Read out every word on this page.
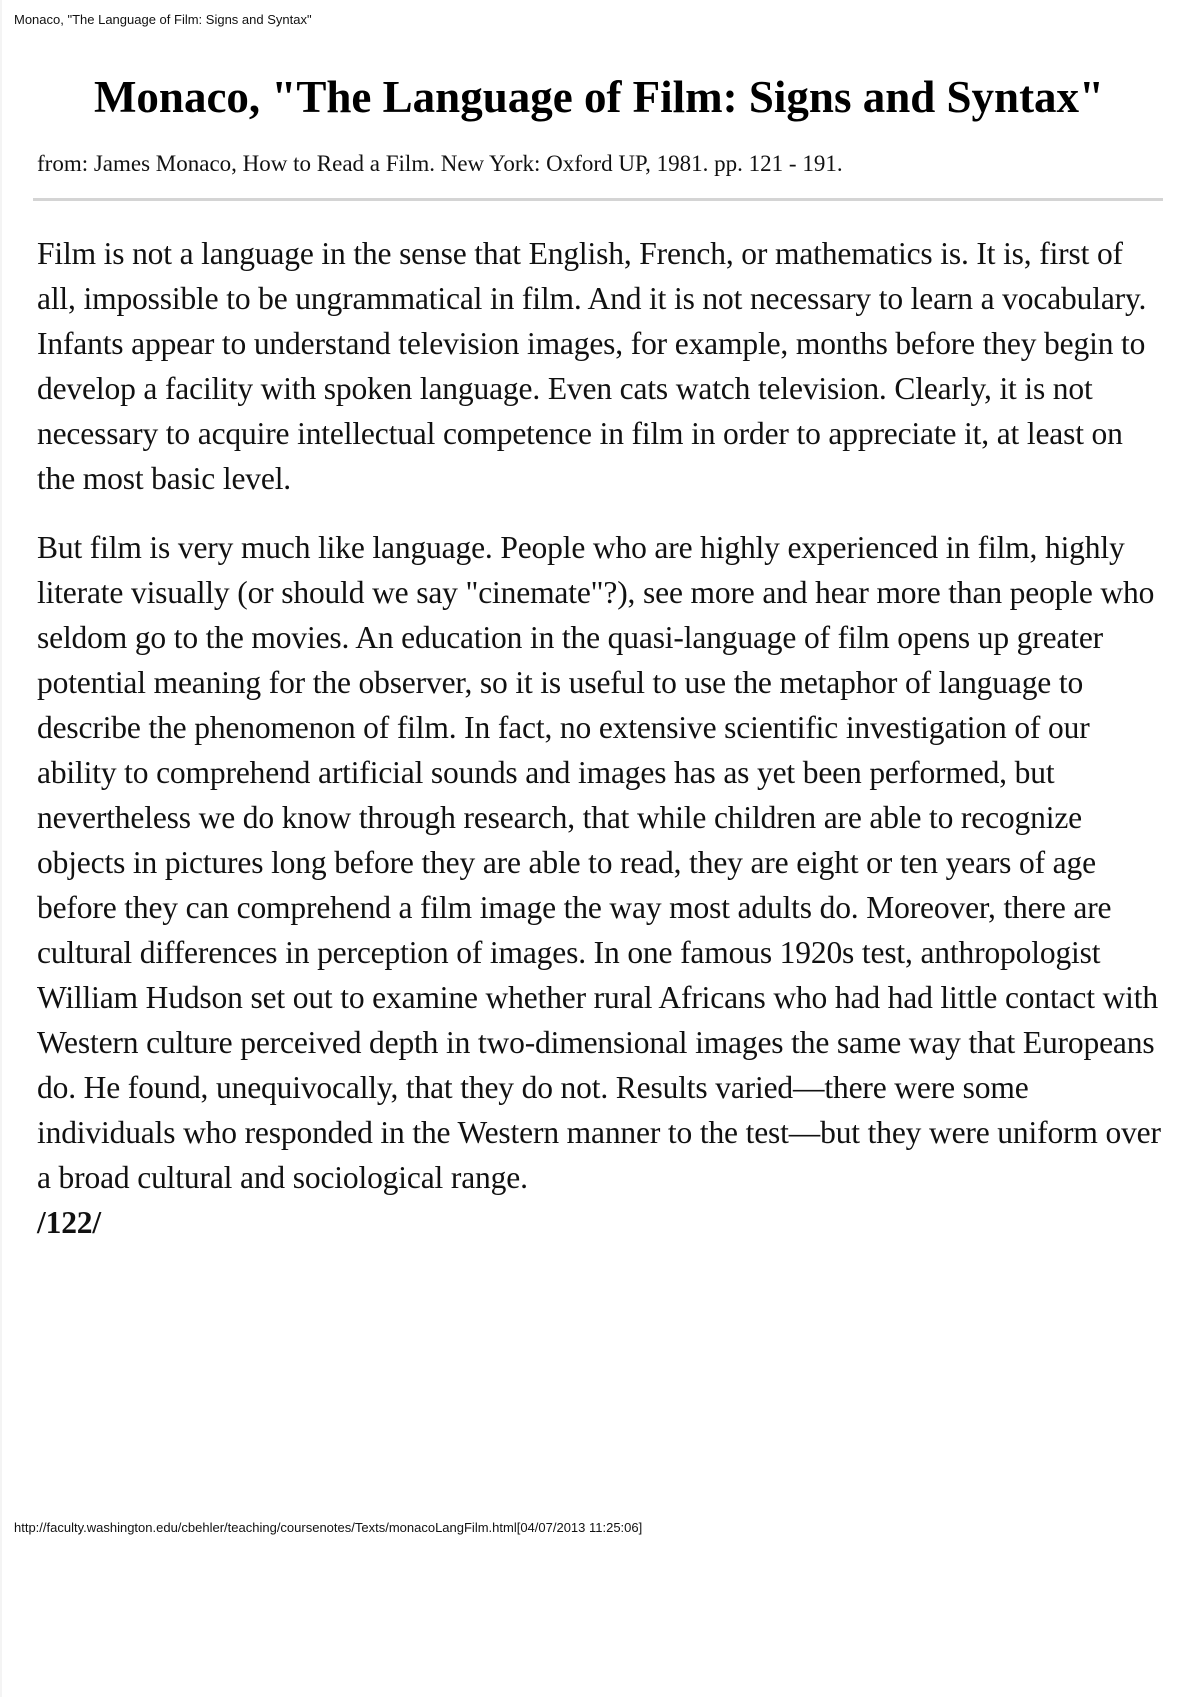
Monaco, "The Language of Film: Signs and Syntax"
Monaco, "The Language of Film: Signs and Syntax"
from: James Monaco, How to Read a Film. New York: Oxford UP, 1981. pp. 121 - 191.

Film is not a language in the sense that English, French, or mathematics is. It is, first of all, impossible to be ungrammatical in film. And it is not necessary to learn a vocabulary. Infants appear to understand television images, for example, months before they begin to develop a facility with spoken language. Even cats watch television. Clearly, it is not necessary to acquire intellectual competence in film in order to appreciate it, at least on the most basic level.

But film is very much like language. People who are highly experienced in film, highly literate visually (or should we say "cinemate"?), see more and hear more than people who seldom go to the movies. An education in the quasi-language of film opens up greater potential meaning for the observer, so it is useful to use the metaphor of language to describe the phenomenon of film. In fact, no extensive scientific investigation of our ability to comprehend artificial sounds and images has as yet been performed, but nevertheless we do know through research, that while children are able to recognize objects in pictures long before they are able to read, they are eight or ten years of age before they can comprehend a film image the way most adults do. Moreover, there are cultural differences in perception of images. In one famous 1920s test, anthropologist William Hudson set out to examine whether rural Africans who had had little contact with Western culture perceived depth in two-dimensional images the same way that Europeans do. He found, unequivocally, that they do not. Results varied—there were some individuals who responded in the Western manner to the test—but they were uniform over a broad cultural and sociological range.
/122/

http://faculty.washington.edu/cbehler/teaching/coursenotes/Texts/monacoLangFilm.html[04/07/2013 11:25:06]
